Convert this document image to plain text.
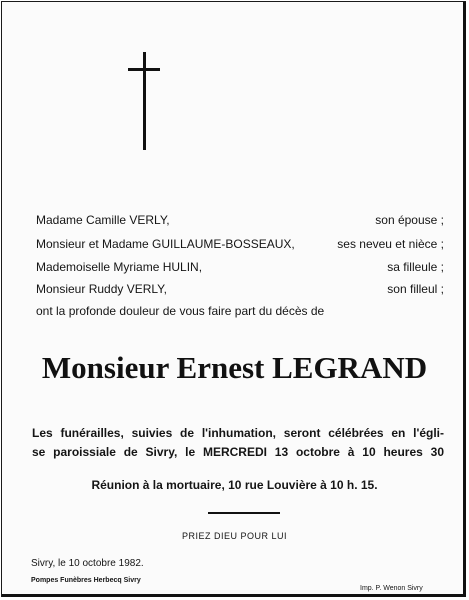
Madame Camille VERLY,	son épouse ;
Monsieur et Madame GUILLAUME-BOSSEAUX,	ses neveu et nièce ;
Mademoiselle Myriame HULIN,	sa filleule ;
Monsieur Ruddy VERLY,	son filleul ;
ont la profonde douleur de vous faire part du décès de
Monsieur Ernest LEGRAND
Les funérailles, suivies de l'inhumation, seront célébrées en l'égli-
se paroissiale de Sivry, le MERCREDI 13 octobre à 10 heures 30
Réunion à la mortuaire, 10 rue Louvière à 10 h. 15.
PRIEZ DIEU POUR LUI
Sivry, le 10 octobre 1982.
Pompes Funèbres Herbecq Sivry
Imp. P. Wenon Sivry
